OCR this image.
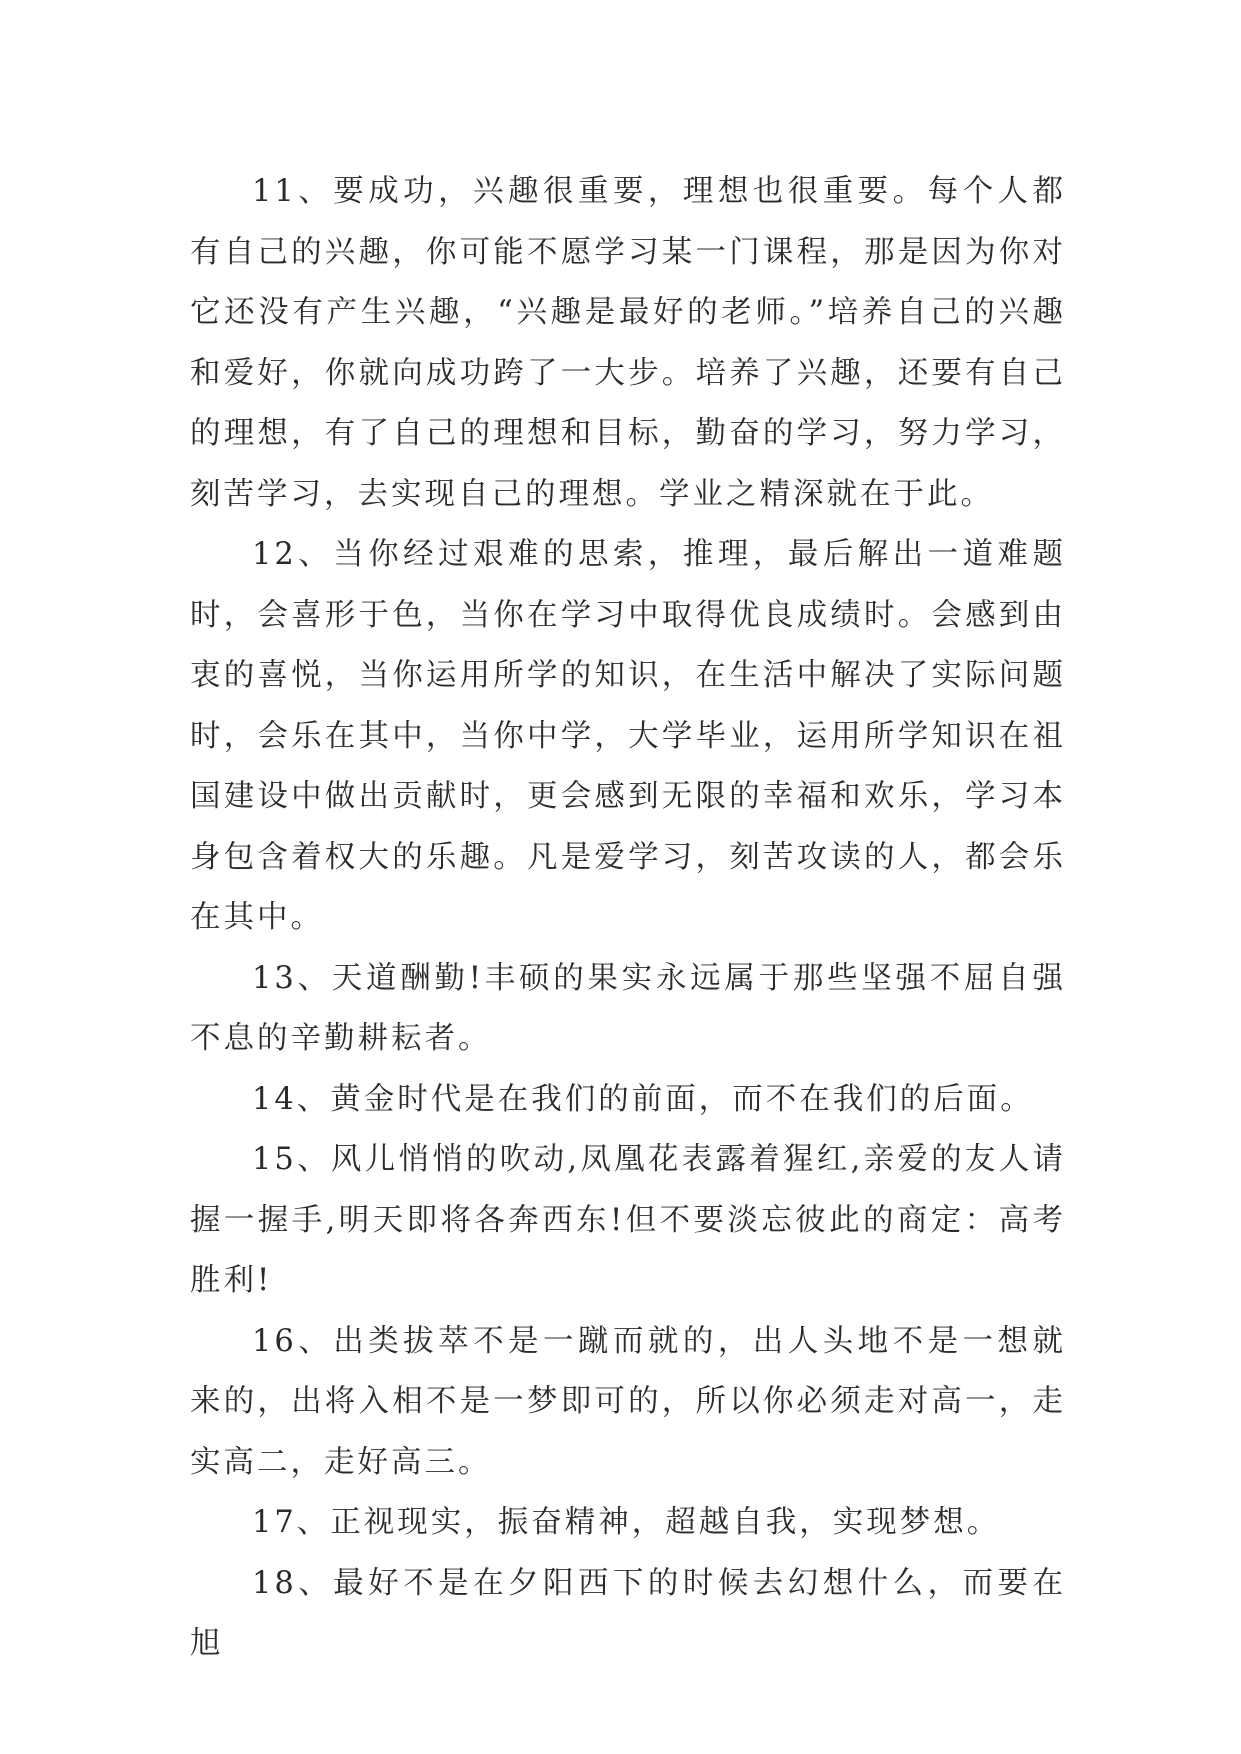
11、要成功，兴趣很重要，理想也很重要。每个人都有自己的兴趣，你可能不愿学习某一门课程，那是因为你对它还没有产生兴趣，“兴趣是最好的老师。”培养自己的兴趣和爱好，你就向成功跨了一大步。培养了兴趣，还要有自己的理想，有了自己的理想和目标，勤奋的学习，努力学习，刻苦学习，去实现自己的理想。学业之精深就在于此。

12、当你经过艰难的思索，推理，最后解出一道难题时，会喜形于色，当你在学习中取得优良成绩时。会感到由衷的喜悦，当你运用所学的知识，在生活中解决了实际问题时，会乐在其中，当你中学，大学毕业，运用所学知识在祖国建设中做出贡献时，更会感到无限的幸福和欢乐，学习本身包含着权大的乐趣。凡是爱学习，刻苦攻读的人，都会乐在其中。

13、天道酬勤!丰硕的果实永远属于那些坚强不屈自强不息的辛勤耕耘者。

14、黄金时代是在我们的前面，而不在我们的后面。

15、风儿悄悄的吹动,凤凰花表露着猩红,亲爱的友人请握一握手,明天即将各奔西东!但不要淡忘彼此的商定：高考胜利!

16、出类拔萃不是一蹴而就的，出人头地不是一想就来的，出将入相不是一梦即可的，所以你必须走对高一，走实高二，走好高三。

17、正视现实，振奋精神，超越自我，实现梦想。

18、最好不是在夕阳西下的时候去幻想什么，而要在旭
